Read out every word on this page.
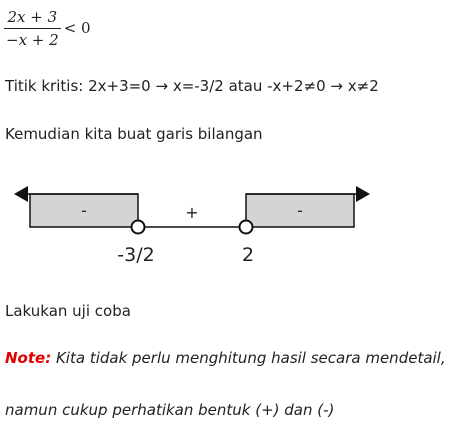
$\frac{2x + 3}{-x + 2} < 0$
Titik kritis: 2x+3=0 → x=-3/2 atau -x+2≠0 → x≠2
Kemudian kita buat garis bilangan
-	+	-
-3/2	2
Lakukan uji coba
Note: Kita tidak perlu menghitung hasil secara mendetail,
namun cukup perhatikan bentuk (+) dan (-)
